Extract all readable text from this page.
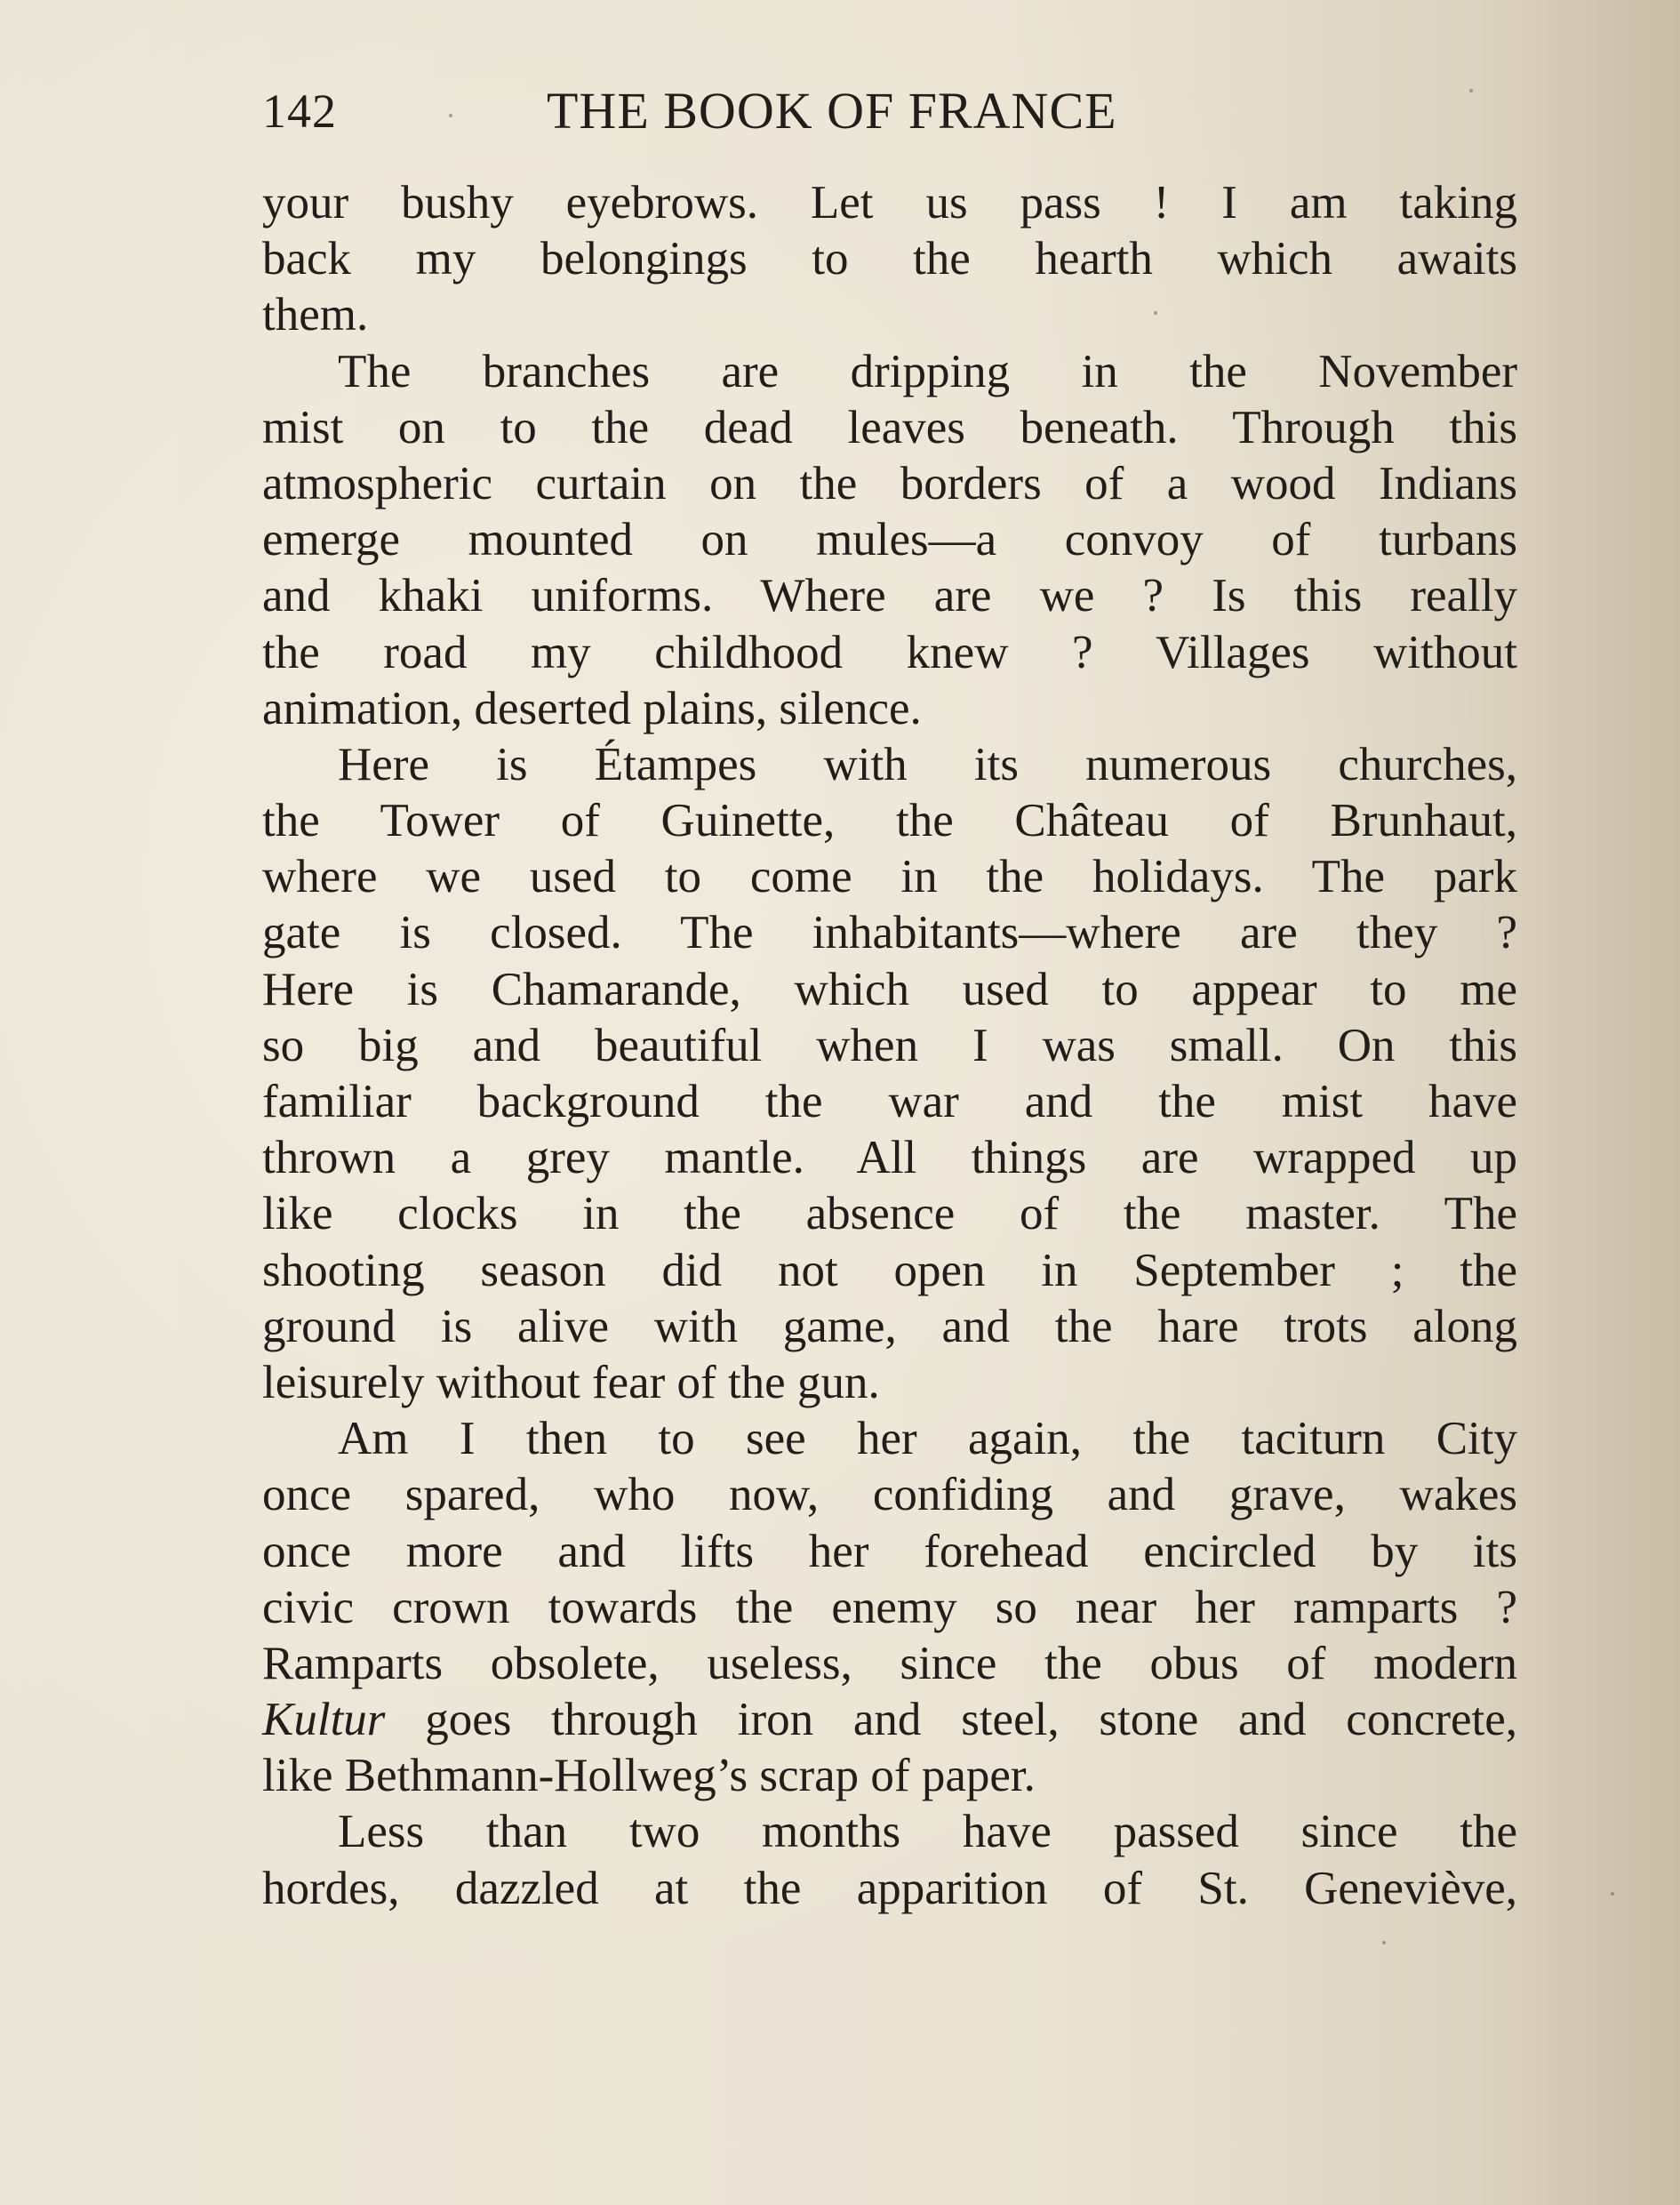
142	THE BOOK OF FRANCE
your bushy eyebrows. Let us pass ! I am taking
back my belongings to the hearth which awaits
them.
The branches are dripping in the November
mist on to the dead leaves beneath. Through this
atmospheric curtain on the borders of a wood Indians
emerge mounted on mules—a convoy of turbans
and khaki uniforms. Where are we ? Is this really
the road my childhood knew ? Villages without
animation, deserted plains, silence.
Here is Étampes with its numerous churches,
the Tower of Guinette, the Château of Brunhaut,
where we used to come in the holidays. The park
gate is closed. The inhabitants—where are they ?
Here is Chamarande, which used to appear to me
so big and beautiful when I was small. On this
familiar background the war and the mist have
thrown a grey mantle. All things are wrapped up
like clocks in the absence of the master. The
shooting season did not open in September ; the
ground is alive with game, and the hare trots along
leisurely without fear of the gun.
Am I then to see her again, the taciturn City
once spared, who now, confiding and grave, wakes
once more and lifts her forehead encircled by its
civic crown towards the enemy so near her ramparts ?
Ramparts obsolete, useless, since the obus of modern
Kultur goes through iron and steel, stone and concrete,
like Bethmann-Hollweg’s scrap of paper.
Less than two months have passed since the
hordes, dazzled at the apparition of St. Geneviève,
